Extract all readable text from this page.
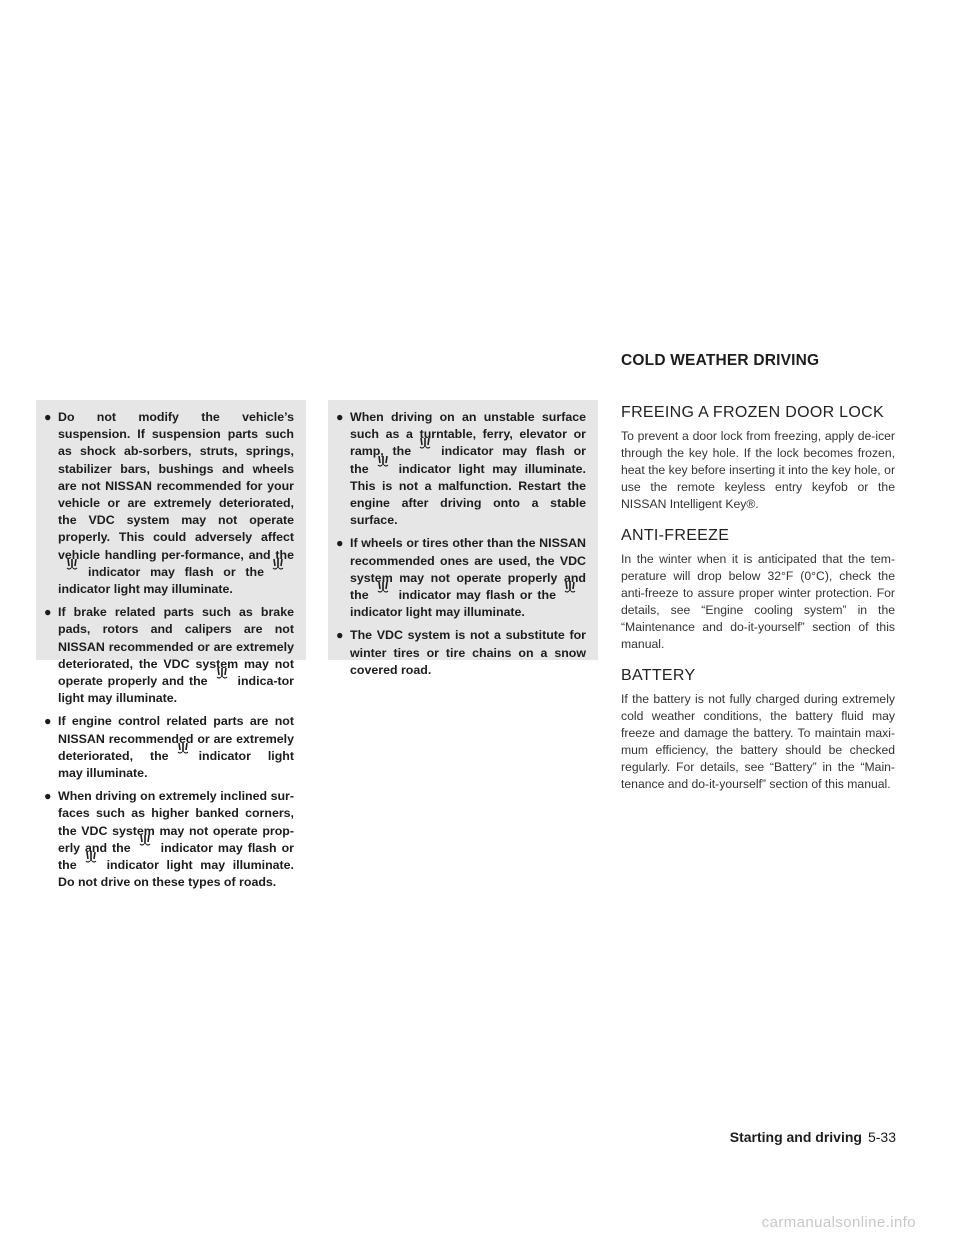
● Do not modify the vehicle’s suspension. If suspension parts such as shock ab-sorbers, struts, springs, stabilizer bars, bushings and wheels are not NISSAN recommended for your vehicle or are extremely deteriorated, the VDC system may not operate properly. This could adversely affect vehicle handling per-formance, and the
indicator may flash or the
indicator light may illuminate.

● If brake related parts such as brake pads, rotors and calipers are not NISSAN recommended or are extremely deteriorated, the VDC system may not operate properly and the indica-tor light may illuminate.

● If engine control related parts are not NISSAN recommended or are extremely deteriorated, the indicator light may illuminate.

● When driving on extremely inclined sur-faces such as higher banked corners, the VDC system may not operate prop-erly and the indicator may flash or the indicator light may illuminate. Do not drive on these types of roads.

● When driving on an unstable surface such as a turntable, ferry, elevator or ramp, the indicator may flash or the indicator light may illuminate. This is not a malfunction. Restart the engine after driving onto a stable surface.

● If wheels or tires other than the NISSAN recommended ones are used, the VDC system may not operate properly and the indicator may flash or the
indicator light may illuminate.

● The VDC system is not a substitute for winter tires or tire chains on a snow covered road.

COLD WEATHER DRIVING
FREEING A FROZEN DOOR LOCK

To prevent a door lock from freezing, apply de-icer through the key hole. If the lock becomes frozen, heat the key before inserting it into the key hole, or use the remote keyless entry keyfob or the NISSAN Intelligent Key®.

ANTI-FREEZE

In the winter when it is anticipated that the tem-perature will drop below 32°F (0°C), check the anti-freeze to assure proper winter protection. For details, see “Engine cooling system” in the “Maintenance and do-it-yourself” section of this manual.

BATTERY

If the battery is not fully charged during extremely cold weather conditions, the battery fluid may freeze and damage the battery. To maintain maxi-mum efficiency, the battery should be checked regularly. For details, see “Battery” in the “Main-tenance and do-it-yourself” section of this manual.

Starting and driving 5-33
carmanualsonline.info
